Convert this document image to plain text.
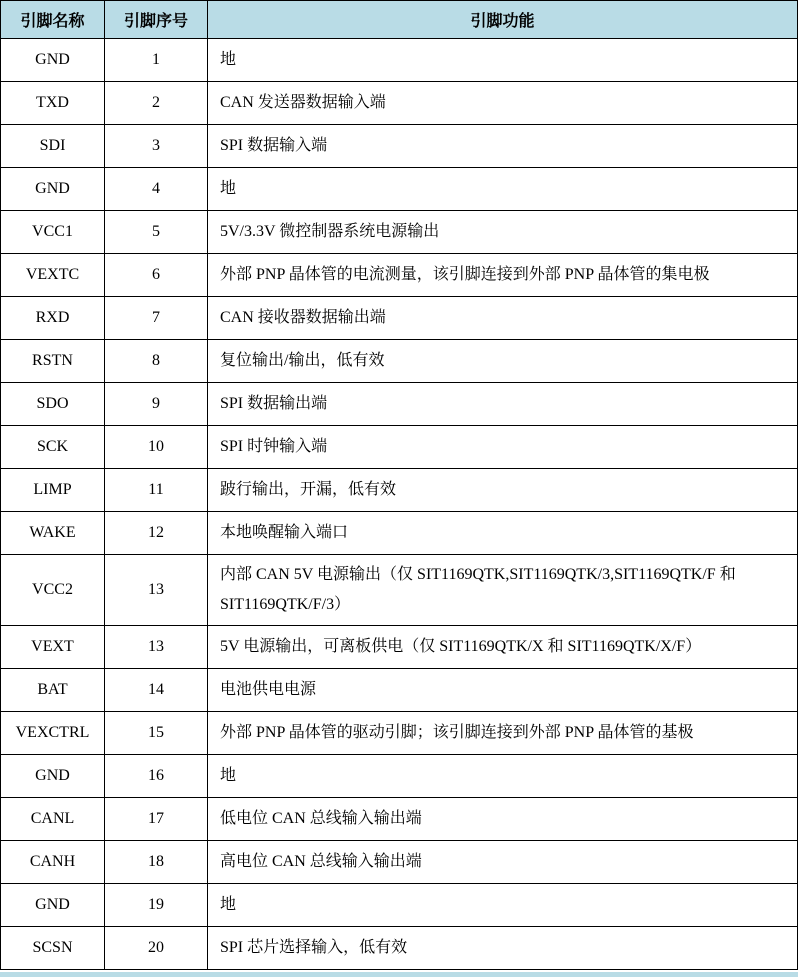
引脚名称	引脚序号	引脚功能
GND	1	地
TXD	2	CAN 发送器数据输入端
SDI	3	SPI 数据输入端
GND	4	地
VCC1	5	5V/3.3V 微控制器系统电源输出
VEXTC	6	外部 PNP 晶体管的电流测量，该引脚连接到外部 PNP 晶体管的集电极
RXD	7	CAN 接收器数据输出端
RSTN	8	复位输出/输出，低有效
SDO	9	SPI 数据输出端
SCK	10	SPI 时钟输入端
LIMP	11	跛行输出，开漏，低有效
WAKE	12	本地唤醒输入端口
VCC2	13	内部 CAN 5V 电源输出（仅 SIT1169QTK,SIT1169QTK/3,SIT1169QTK/F 和 SIT1169QTK/F/3）
VEXT	13	5V 电源输出，可离板供电（仅 SIT1169QTK/X 和 SIT1169QTK/X/F）
BAT	14	电池供电电源
VEXCTRL	15	外部 PNP 晶体管的驱动引脚；该引脚连接到外部 PNP 晶体管的基极
GND	16	地
CANL	17	低电位 CAN 总线输入输出端
CANH	18	高电位 CAN 总线输入输出端
GND	19	地
SCSN	20	SPI 芯片选择输入，低有效
